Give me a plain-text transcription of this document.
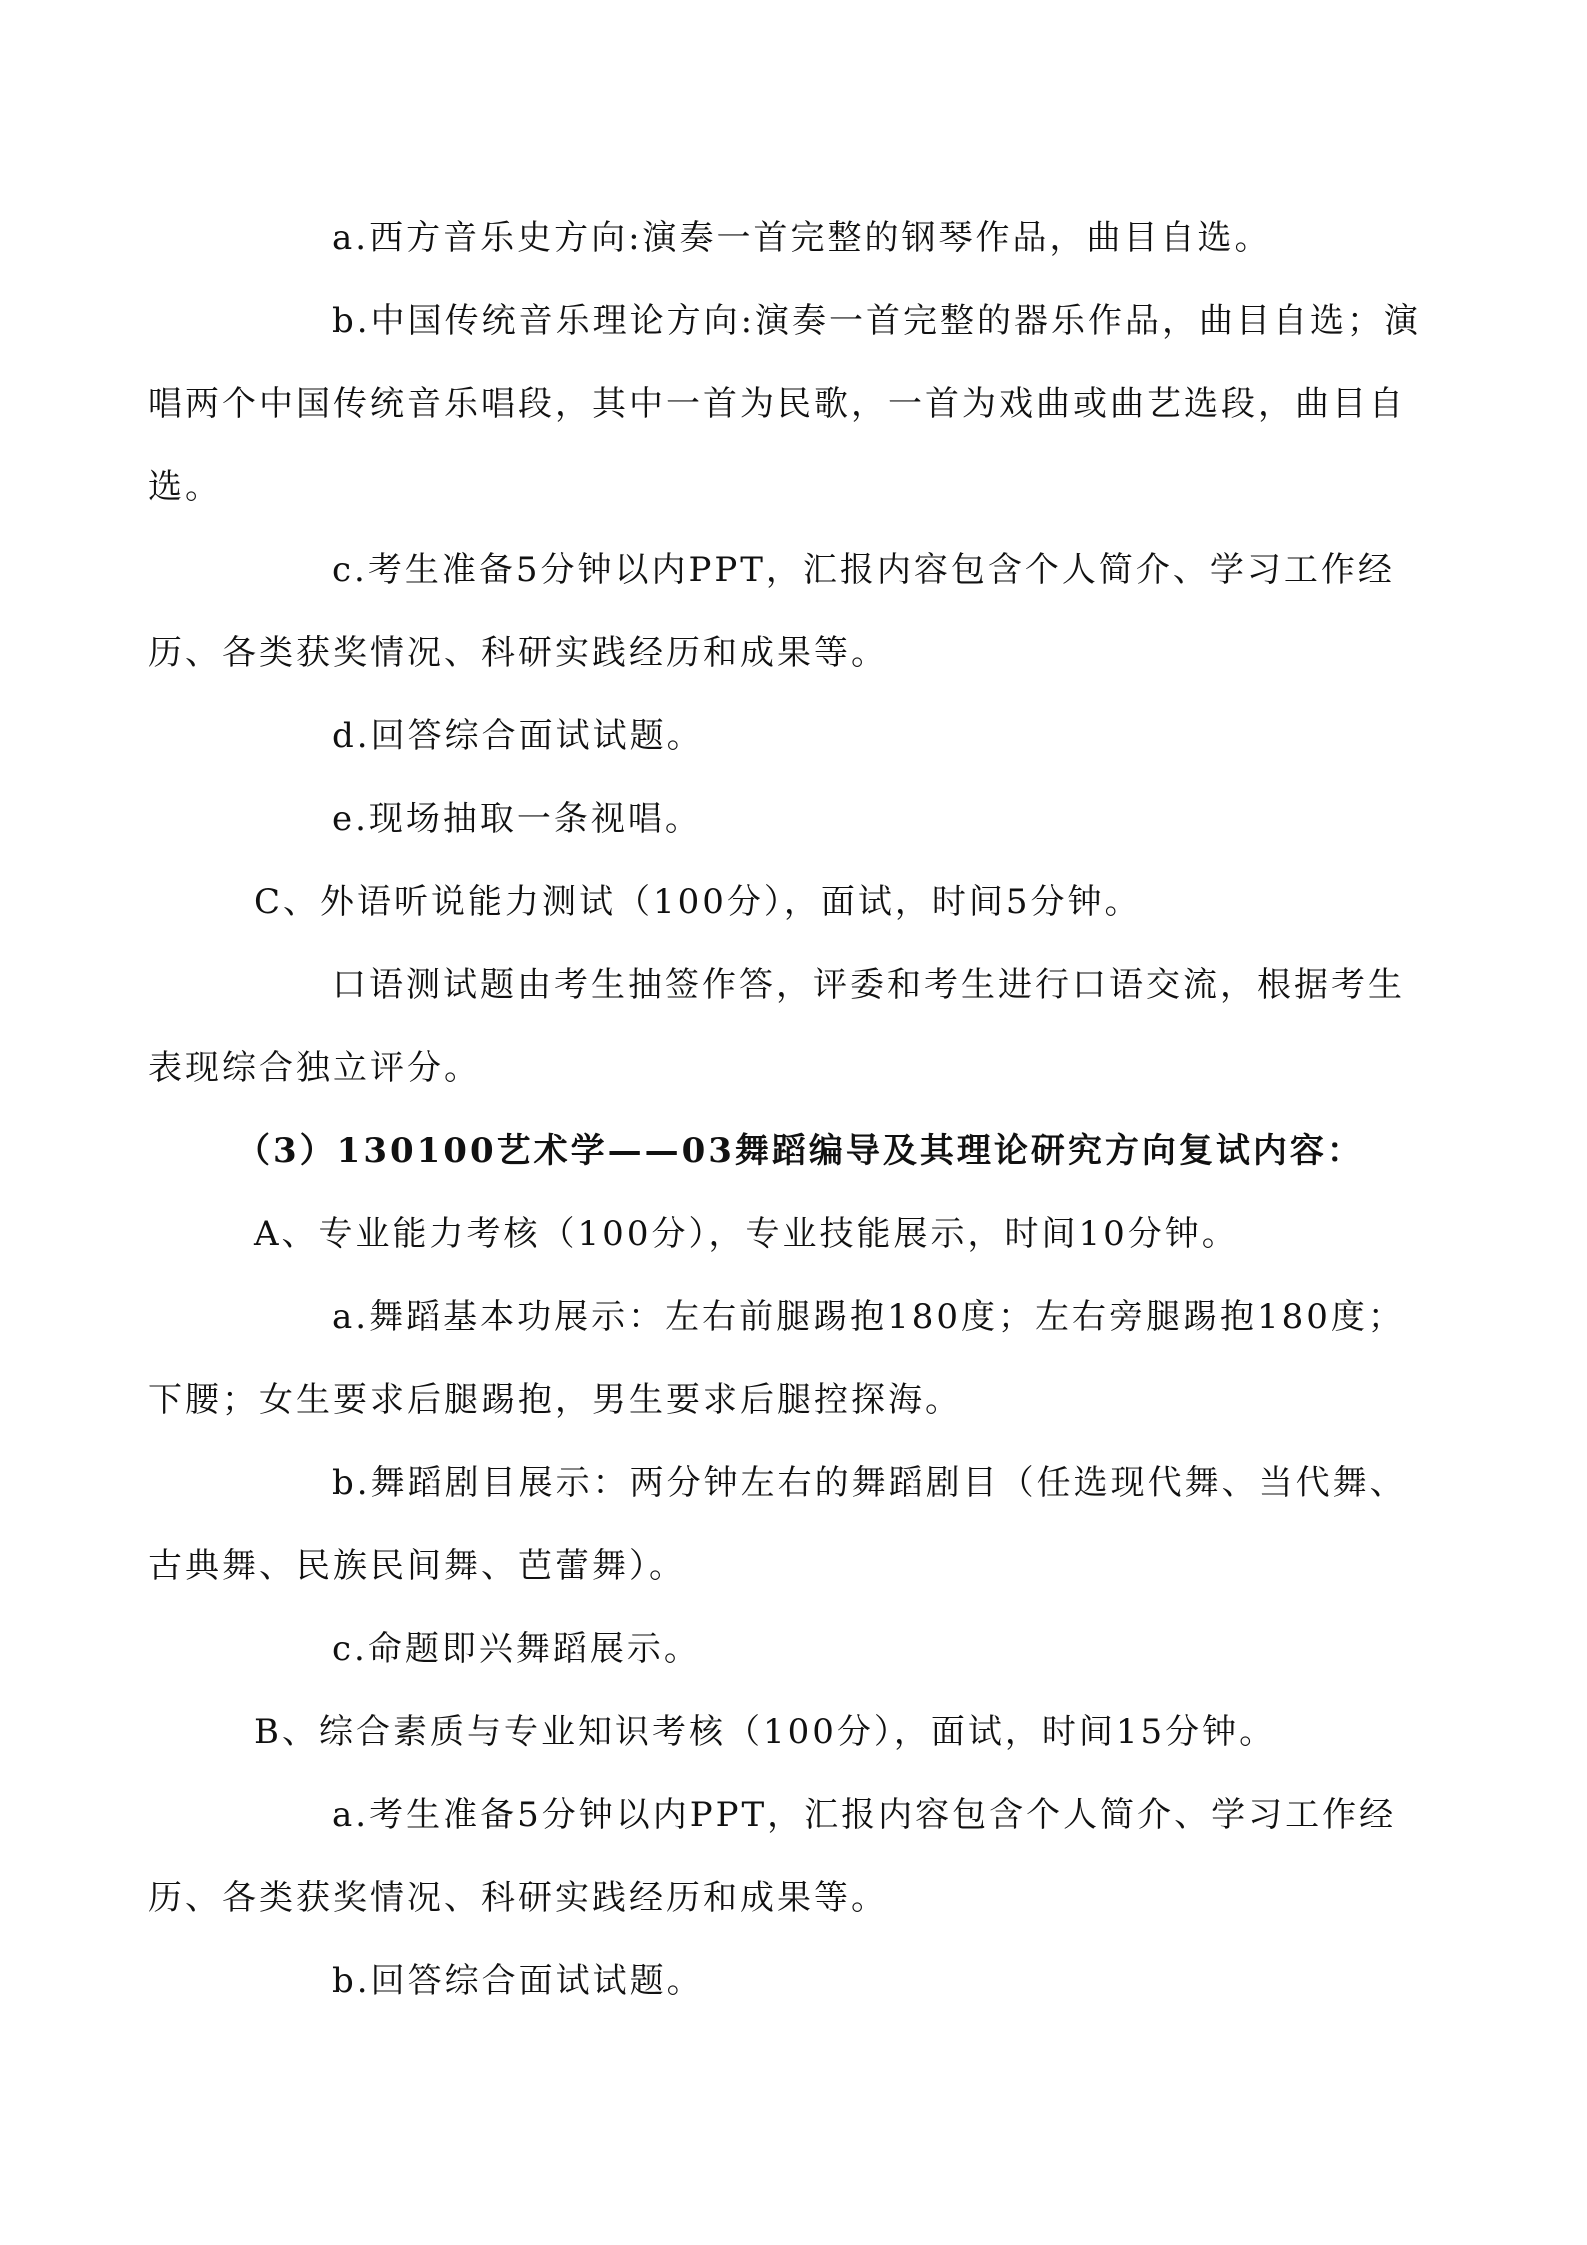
a.西方音乐史方向:演奏一首完整的钢琴作品，曲目自选。
b.中国传统音乐理论方向:演奏一首完整的器乐作品，曲目自选；演
唱两个中国传统音乐唱段，其中一首为民歌，一首为戏曲或曲艺选段，曲目自
选。
c.考生准备5分钟以内PPT，汇报内容包含个人简介、学习工作经
历、各类获奖情况、科研实践经历和成果等。
d.回答综合面试试题。
e.现场抽取一条视唱。
C、外语听说能力测试（100分），面试，时间5分钟。
口语测试题由考生抽签作答，评委和考生进行口语交流，根据考生
表现综合独立评分。
（3）130100艺术学——03舞蹈编导及其理论研究方向复试内容：
A、专业能力考核（100分），专业技能展示，时间10分钟。
a.舞蹈基本功展示：左右前腿踢抱180度；左右旁腿踢抱180度；
下腰；女生要求后腿踢抱，男生要求后腿控探海。
b.舞蹈剧目展示：两分钟左右的舞蹈剧目（任选现代舞、当代舞、
古典舞、民族民间舞、芭蕾舞）。
c.命题即兴舞蹈展示。
B、综合素质与专业知识考核（100分），面试，时间15分钟。
a.考生准备5分钟以内PPT，汇报内容包含个人简介、学习工作经
历、各类获奖情况、科研实践经历和成果等。
b.回答综合面试试题。
